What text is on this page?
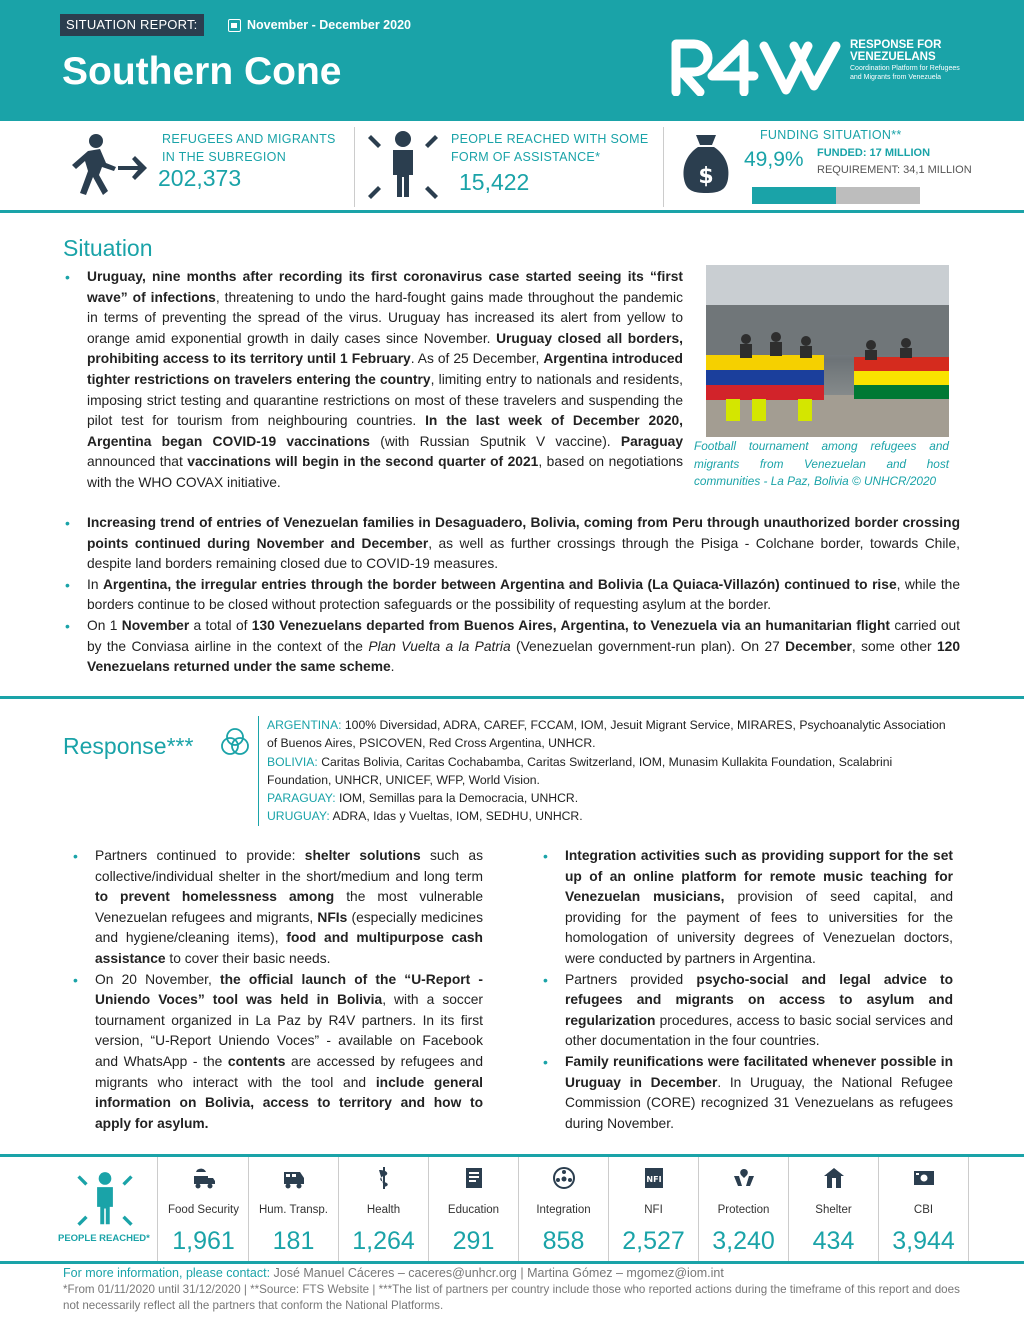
SITUATION REPORT:	November - December 2020
Southern Cone
RESPONSE FOR
VENEZUELANS
Coordination Platform for Refugees and Migrants from Venezuela
REFUGEES AND MIGRANTS
IN THE SUBREGION
202,373
PEOPLE REACHED WITH SOME
FORM OF ASSISTANCE*
15,422	$
FUNDING SITUATION**
49,9% FUNDED: 17 MILLION
REQUIREMENT: 34,1 MILLION
Situation
• Uruguay, nine months after recording its first coronavirus case started seeing its “first wave” of infections, threatening to undo the hard-fought gains made throughout the pandemic in terms of preventing the spread of the virus. Uruguay has increased its alert from yellow to orange amid exponential growth in daily cases since November. Uruguay closed all borders, prohibiting access to its territory until 1 February. As of 25 December, Argentina introduced tighter restrictions on travelers entering the country, limiting entry to nationals and residents, imposing strict testing and quarantine restrictions on most of these travelers and suspending the pilot test for tourism from neighbouring countries. In the last week of December 2020, Argentina began COVID-19 vaccinations (with Russian Sputnik V vaccine). Paraguay announced that vaccinations will begin in the second quarter of 2021, based on negotiations with the WHO COVAX initiative.
• Increasing trend of entries of Venezuelan families in Desaguadero, Bolivia, coming from Peru through unauthorized border crossing points continued during November and December, as well as further crossings through the Pisiga - Colchane border, towards Chile, despite land borders remaining closed due to COVID-19 measures.
• In Argentina, the irregular entries through the border between Argentina and Bolivia (La Quiaca-Villazón) continued to rise, while the borders continue to be closed without protection safeguards or the possibility of requesting asylum at the border.
• On 1 November a total of 130 Venezuelans departed from Buenos Aires, Argentina, to Venezuela via an humanitarian flight carried out by the Conviasa airline in the context of the Plan Vuelta a la Patria (Venezuelan government-run plan). On 27 December, some other 120 Venezuelans returned under the same scheme.
Football tournament among refugees and migrants from Venezuelan and host communities - La Paz, Bolivia © UNHCR/2020
Response***
ARGENTINA: 100% Diversidad, ADRA, CAREF, FCCAM, IOM, Jesuit Migrant Service, MIRARES, Psychoanalytic Association of Buenos Aires, PSICOVEN, Red Cross Argentina, UNHCR.
BOLIVIA: Caritas Bolivia, Caritas Cochabamba, Caritas Switzerland, IOM, Munasim Kullakita Foundation, Scalabrini Foundation, UNHCR, UNICEF, WFP, World Vision.
PARAGUAY: IOM, Semillas para la Democracia, UNHCR.
URUGUAY: ADRA, Idas y Vueltas, IOM, SEDHU, UNHCR.
• Partners continued to provide: shelter solutions such as collective/individual shelter in the short/medium and long term to prevent homelessness among the most vulnerable Venezuelan refugees and migrants, NFIs (especially medicines and hygiene/cleaning items), food and multipurpose cash assistance to cover their basic needs.
• On 20 November, the official launch of the “U-Report - Uniendo Voces” tool was held in Bolivia, with a soccer tournament organized in La Paz by R4V partners. In its first version, “U-Report Uniendo Voces” - available on Facebook and WhatsApp - the contents are accessed by refugees and migrants who interact with the tool and include general information on Bolivia, access to territory and how to apply for asylum.
• Integration activities such as providing support for the set up of an online platform for remote music teaching for Venezuelan musicians, provision of seed capital, and providing for the payment of fees to universities for the homologation of university degrees of Venezuelan doctors, were conducted by partners in Argentina.
• Partners provided psycho-social and legal advice to refugees and migrants on access to asylum and regularization procedures, access to basic social services and other documentation in the four countries.
• Family reunifications were facilitated whenever possible in Uruguay in December. In Uruguay, the National Refugee Commission (CORE) recognized 31 Venezuelans as refugees during November.
PEOPLE REACHED*
Food Security
1,961
Hum. Transp.
181
Health
1,264
Education
291
Integration
858
NFI
NFI
2,527
Protection
3,240
Shelter
434
CBI
3,944
For more information, please contact: José Manuel Cáceres – caceres@unhcr.org | Martina Gómez – mgomez@iom.int
*From 01/11/2020 until 31/12/2020 | **Source: FTS Website | ***The list of partners per country include those who reported actions during the timeframe of this report and does not necessarily reflect all the partners that conform the National Platforms.
